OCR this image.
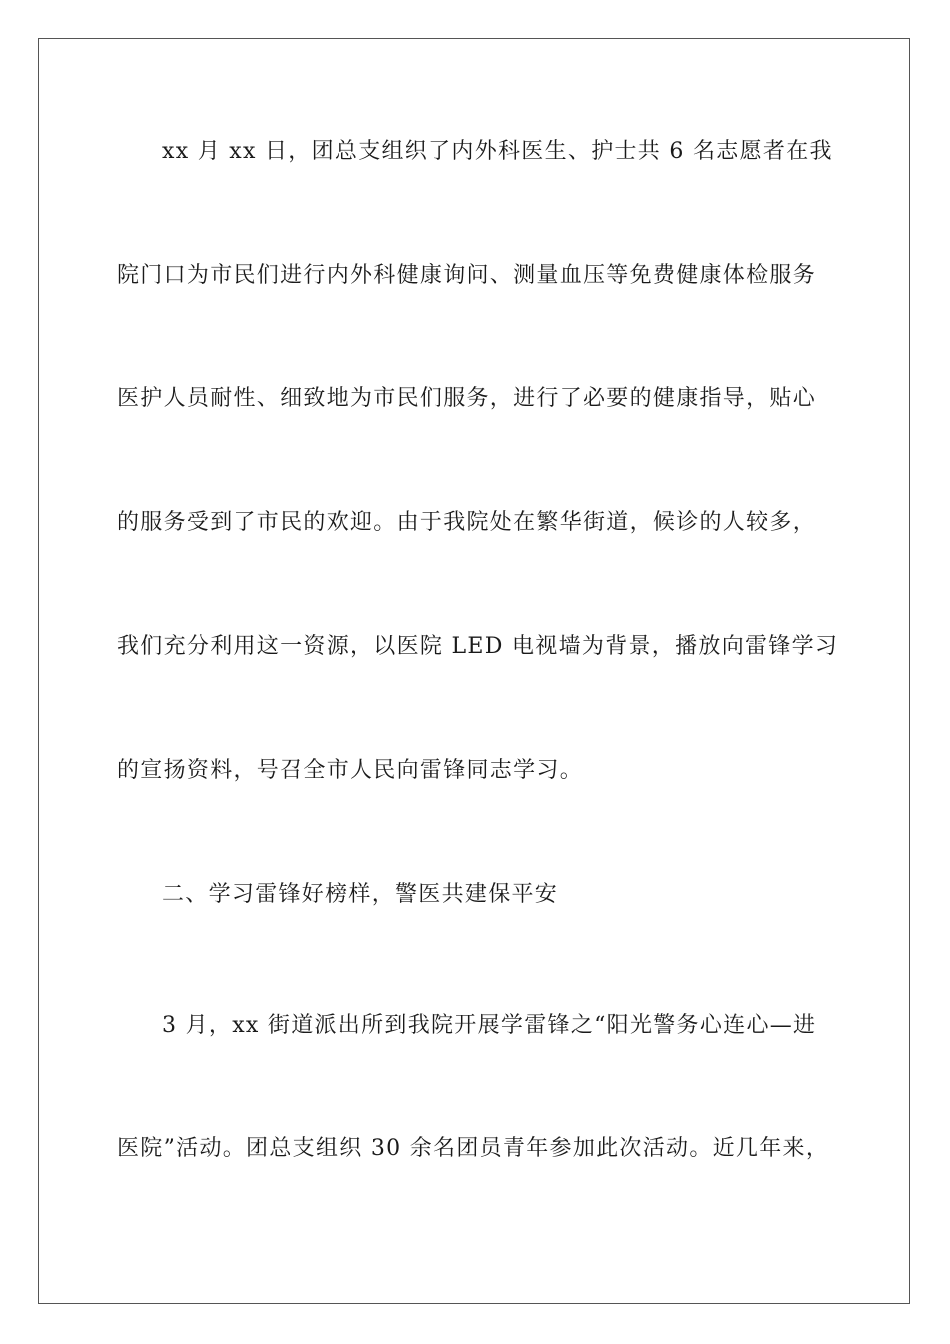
xx 月 xx 日，团总支组织了内外科医生、护士共 6 名志愿者在我
院门口为市民们进行内外科健康询问、测量血压等免费健康体检服务
医护人员耐性、细致地为市民们服务，进行了必要的健康指导，贴心
的服务受到了市民的欢迎。由于我院处在繁华街道，候诊的人较多，
我们充分利用这一资源，以医院 LED 电视墙为背景，播放向雷锋学习
的宣扬资料，号召全市人民向雷锋同志学习。
二、学习雷锋好榜样，警医共建保平安
3 月，xx 街道派出所到我院开展学雷锋之“阳光警务心连心—进
医院”活动。团总支组织 30 余名团员青年参加此次活动。近几年来，
